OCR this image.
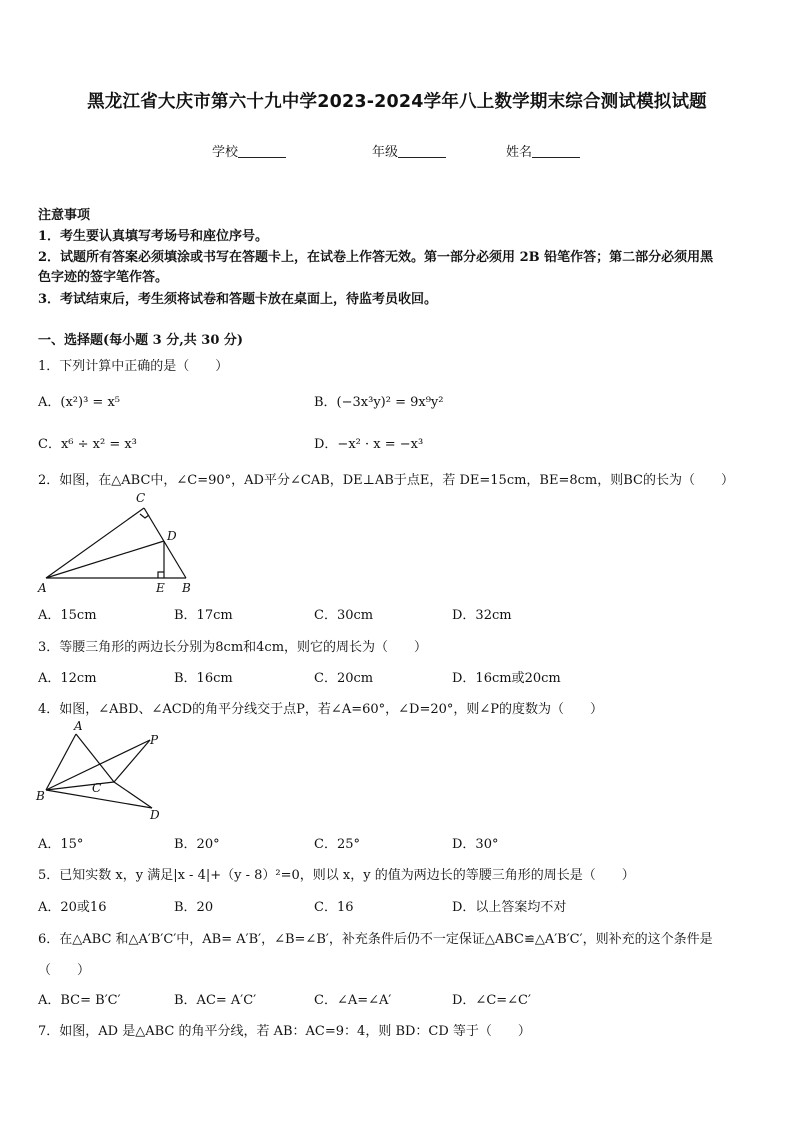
黑龙江省大庆市第六十九中学2023-2024学年八上数学期末综合测试模拟试题
学校	年级	姓名
注意事项
1．考生要认真填写考场号和座位序号。
2．试题所有答案必须填涂或书写在答题卡上，在试卷上作答无效。第一部分必须用 2B 铅笔作答；第二部分必须用黑
色字迹的签字笔作答。
3．考试结束后，考生须将试卷和答题卡放在桌面上，待监考员收回。
一、选择题(每小题 3 分,共 30 分)
1．下列计算中正确的是（　　）
A．(x²)³ = x⁵	B．(−3x³y)² = 9x⁹y²
C．x⁶ ÷ x² = x³	D．−x² · x = −x³
2．如图，在△ABC中，∠C=90°，AD平分∠CAB，DE⊥AB于点E，若 DE=15cm，BE=8cm，则BC的长为（　　）
C
D
A	E B
A．15cm	B．17cm	C．30cm	D．32cm
3．等腰三角形的两边长分别为8cm和4cm，则它的周长为（　　）
A．12cm	B．16cm	C．20cm	D．16cm或20cm
4．如图，∠ABD、∠ACD的角平分线交于点P，若∠A=60°，∠D=20°，则∠P的度数为（　　）
A
P
B
C
D
A．15°	B．20°	C．25°	D．30°
5．已知实数 x，y 满足|x - 4|+（y - 8）²=0，则以 x，y 的值为两边长的等腰三角形的周长是（　　）
A．20或16	B．20	C．16	D．以上答案均不对
6．在△ABC 和△A′B′C′中，AB= A′B′，∠B=∠B′，补充条件后仍不一定保证△ABC≌△A′B′C′，则补充的这个条件是
（　　）
A．BC= B′C′	B．AC= A′C′	C．∠A=∠A′	D．∠C=∠C′
7．如图，AD 是△ABC 的角平分线，若 AB：AC=9：4，则 BD：CD 等于（　　）
